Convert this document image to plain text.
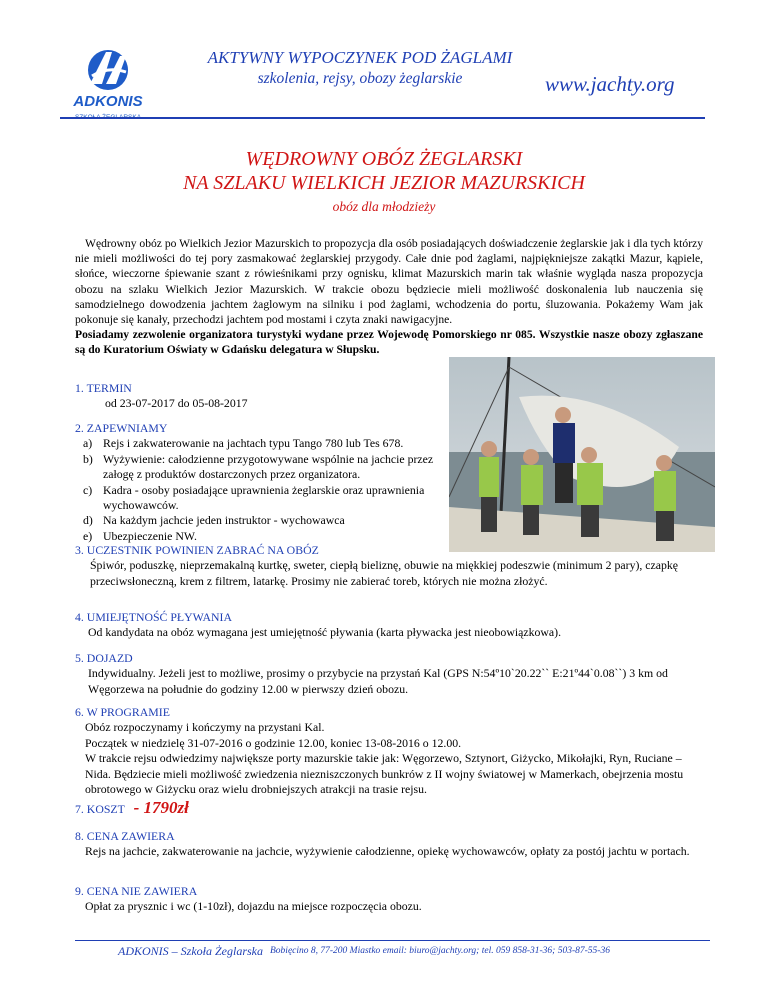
ADKONIS
SZKOŁA ŻEGLARSKA
AKTYWNY WYPOCZYNEK POD ŻAGLAMI
szkolenia, rejsy, obozy żeglarskie	www.jachty.org
WĘDROWNY OBÓZ ŻEGLARSKI
NA SZLAKU WIELKICH JEZIOR MAZURSKICH
obóz dla młodzieży
Wędrowny obóz po Wielkich Jezior Mazurskich to propozycja dla osób posiadających doświadczenie żeglarskie jak i dla tych którzy nie mieli możliwości do tej pory zasmakować żeglarskiej przygody. Całe dnie pod żaglami, najpiękniejsze zakątki Mazur, kąpiele, słońce, wieczorne śpiewanie szant z rówieśnikami przy ognisku, klimat Mazurskich marin tak właśnie wygląda nasza propozycja obozu na szlaku Wielkich Jezior Mazurskich. W trakcie obozu będziecie mieli możliwość doskonalenia lub nauczenia się samodzielnego dowodzenia jachtem żaglowym na silniku i pod żaglami, wchodzenia do portu, śluzowania. Pokażemy Wam jak pokonuje się kanały, przechodzi jachtem pod mostami i czyta znaki nawigacyjne.
Posiadamy zezwolenie organizatora turystyki wydane przez Wojewodę Pomorskiego nr 085. Wszystkie nasze obozy zgłaszane są do Kuratorium Oświaty w Gdańsku delegatura w Słupsku.
1. TERMIN
od 23-07-2017 do 05-08-2017
2. ZAPEWNIAMY
a) Rejs i zakwaterowanie na jachtach typu Tango 780 lub Tes 678.
b) Wyżywienie: całodzienne przygotowywane wspólnie na jachcie przez załogę z produktów dostarczonych przez organizatora.
c) Kadra - osoby posiadające uprawnienia żeglarskie oraz uprawnienia wychowawców.
d) Na każdym jachcie jeden instruktor - wychowawca
e) Ubezpieczenie NW.
3. UCZESTNIK POWINIEN ZABRAĆ NA OBÓZ
Śpiwór, poduszkę, nieprzemakalną kurtkę, sweter, ciepłą bieliznę, obuwie na miękkiej podeszwie (minimum 2 pary), czapkę przeciwsłoneczną, krem z filtrem, latarkę. Prosimy nie zabierać toreb, których nie można złożyć.
4. UMIEJĘTNOŚĆ PŁYWANIA
Od kandydata na obóz wymagana jest umiejętność pływania (karta pływacka jest nieobowiązkowa).
5. DOJAZD
Indywidualny. Jeżeli jest to możliwe, prosimy o przybycie na przystań Kal (GPS N:54º10`20.22`` E:21º44`0.08``) 3 km od Węgorzewa na południe do godziny 12.00 w pierwszy dzień obozu.
6. W PROGRAMIE
Obóz rozpoczynamy i kończymy na przystani Kal.
Początek w niedzielę 31-07-2016 o godzinie 12.00, koniec 13-08-2016 o 12.00.
W trakcie rejsu odwiedzimy największe porty mazurskie takie jak: Węgorzewo, Sztynort, Giżycko, Mikołajki, Ryn, Ruciane – Nida. Będziecie mieli możliwość zwiedzenia niezniszczonych bunkrów z II wojny światowej w Mamerkach, obejrzenia mostu obrotowego w Giżycku oraz wielu drobniejszych atrakcji na trasie rejsu.
7. KOSZT - 1790zł
8. CENA ZAWIERA
Rejs na jachcie, zakwaterowanie na jachcie, wyżywienie całodzienne, opiekę wychowawców, opłaty za postój jachtu w portach.
9. CENA NIE ZAWIERA
Opłat za prysznic i wc (1-10zł), dojazdu na miejsce rozpoczęcia obozu.
ADKONIS – Szkoła Żeglarska Bobięcino 8, 77-200 Miastko email: biuro@jachty.org; tel. 059 858-31-36; 503-87-55-36
